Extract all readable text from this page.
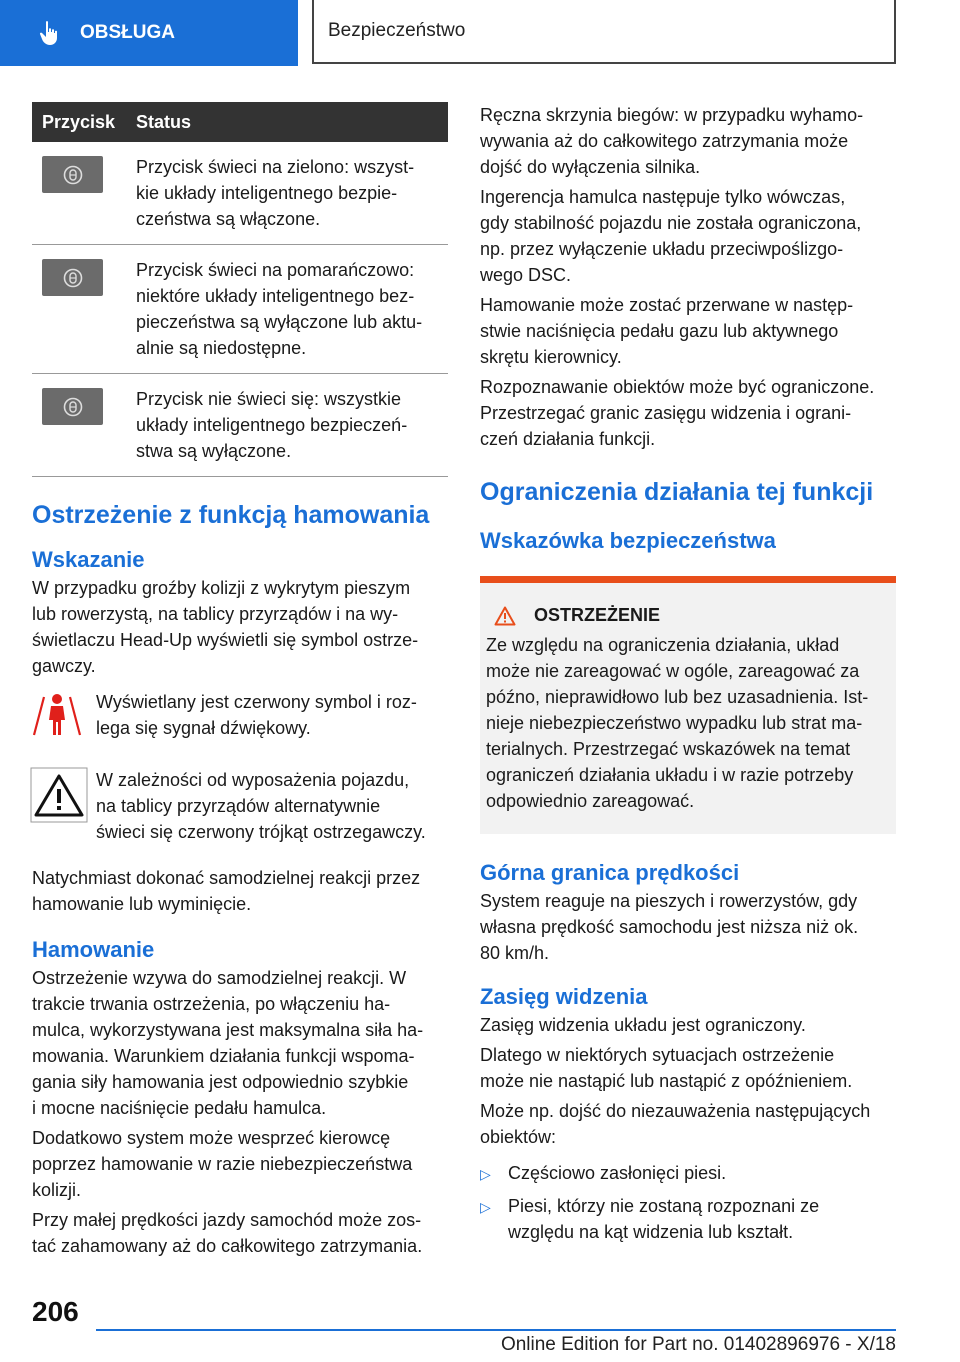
OBSŁUGA	Bezpieczeństwo
Przycisk	Status

	Przycisk świeci na zielono: wszyst-
kie układy inteligentnego bezpie-
czeństwa są włączone.

	Przycisk świeci na pomarańczowo:
niektóre układy inteligentnego bez-
pieczeństwa są wyłączone lub aktu-
alnie są niedostępne.

	Przycisk nie świeci się: wszystkie
układy inteligentnego bezpieczeń-
stwa są wyłączone.
Ostrzeżenie z funkcją hamowania
Wskazanie

W przypadku groźby kolizji z wykrytym pieszym
lub rowerzystą, na tablicy przyrządów i na wy-
świetlaczu Head-Up wyświetli się symbol ostrze-
gawczy.

Wyświetlany jest czerwony symbol i roz-
lega się sygnał dźwiękowy.

W zależności od wyposażenia pojazdu,
na tablicy przyrządów alternatywnie
świeci się czerwony trójkąt ostrzegawczy.

Natychmiast dokonać samodzielnej reakcji przez
hamowanie lub wyminięcie.

Hamowanie

Ostrzeżenie wzywa do samodzielnej reakcji. W
trakcie trwania ostrzeżenia, po włączeniu ha-
mulca, wykorzystywana jest maksymalna siła ha-
mowania. Warunkiem działania funkcji wspoma-
gania siły hamowania jest odpowiednio szybkie
i mocne naciśnięcie pedału hamulca.

Dodatkowo system może wesprzeć kierowcę
poprzez hamowanie w razie niebezpieczeństwa
kolizji.

Przy małej prędkości jazdy samochód może zos-
tać zahamowany aż do całkowitego zatrzymania.

Ręczna skrzynia biegów: w przypadku wyhamo-
wywania aż do całkowitego zatrzymania może
dojść do wyłączenia silnika.

Ingerencja hamulca następuje tylko wówczas,
gdy stabilność pojazdu nie została ograniczona,
np. przez wyłączenie układu przeciwpoślizgo-
wego DSC.

Hamowanie może zostać przerwane w następ-
stwie naciśnięcia pedału gazu lub aktywnego
skrętu kierownicy.

Rozpoznawanie obiektów może być ograniczone.
Przestrzegać granic zasięgu widzenia i ograni-
czeń działania funkcji.

Ograniczenia działania tej funkcji
Wskazówka bezpieczeństwa
OSTRZEŻENIE

Ze względu na ograniczenia działania, układ
może nie zareagować w ogóle, zareagować za
późno, nieprawidłowo lub bez uzasadnienia. Ist-
nieje niebezpieczeństwo wypadku lub strat ma-
terialnych. Przestrzegać wskazówek na temat
ograniczeń działania układu i w razie potrzeby
odpowiednio zareagować.

Górna granica prędkości

System reaguje na pieszych i rowerzystów, gdy
własna prędkość samochodu jest niższa niż ok.
80 km/h.

Zasięg widzenia

Zasięg widzenia układu jest ograniczony.

Dlatego w niektórych sytuacjach ostrzeżenie
może nie nastąpić lub nastąpić z opóźnieniem.

Może np. dojść do niezauważenia następujących
obiektów:

▷ Częściowo zasłonięci piesi.
▷ Piesi, którzy nie zostaną rozpoznani ze
względu na kąt widzenia lub kształt.
206
Online Edition for Part no. 01402896976 - X/18
